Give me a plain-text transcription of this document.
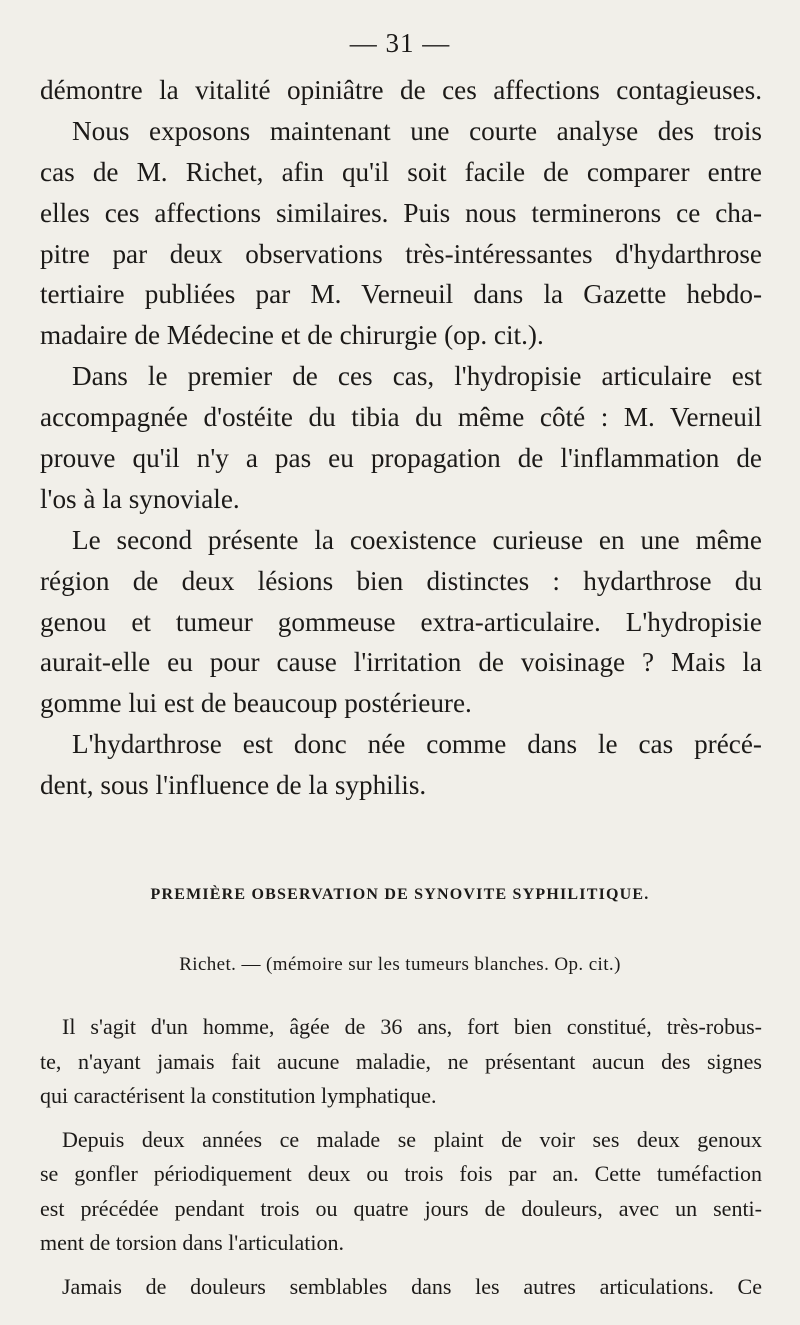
— 31 —
démontre la vitalité opiniâtre de ces affections contagieuses.
Nous exposons maintenant une courte analyse des trois
cas de M. Richet, afin qu'il soit facile de comparer entre
elles ces affections similaires. Puis nous terminerons ce cha-
pitre par deux observations très-intéressantes d'hydarthrose
tertiaire publiées par M. Verneuil dans la Gazette hebdo-
madaire de Médecine et de chirurgie (op. cit.).
Dans le premier de ces cas, l'hydropisie articulaire est
accompagnée d'ostéite du tibia du même côté : M. Verneuil
prouve qu'il n'y a pas eu propagation de l'inflammation de
l'os à la synoviale.
Le second présente la coexistence curieuse en une même
région de deux lésions bien distinctes : hydarthrose du
genou et tumeur gommeuse extra-articulaire. L'hydropisie
aurait-elle eu pour cause l'irritation de voisinage ? Mais la
gomme lui est de beaucoup postérieure.
L'hydarthrose est donc née comme dans le cas précé-
dent, sous l'influence de la syphilis.
PREMIÈRE OBSERVATION DE SYNOVITE SYPHILITIQUE.
Richet. — (mémoire sur les tumeurs blanches. Op. cit.)
Il s'agit d'un homme, âgée de 36 ans, fort bien constitué, très-robus-
te, n'ayant jamais fait aucune maladie, ne présentant aucun des signes
qui caractérisent la constitution lymphatique.
Depuis deux années ce malade se plaint de voir ses deux genoux
se gonfler périodiquement deux ou trois fois par an. Cette tuméfaction
est précédée pendant trois ou quatre jours de douleurs, avec un senti-
ment de torsion dans l'articulation.
Jamais de douleurs semblables dans les autres articulations. Ce
